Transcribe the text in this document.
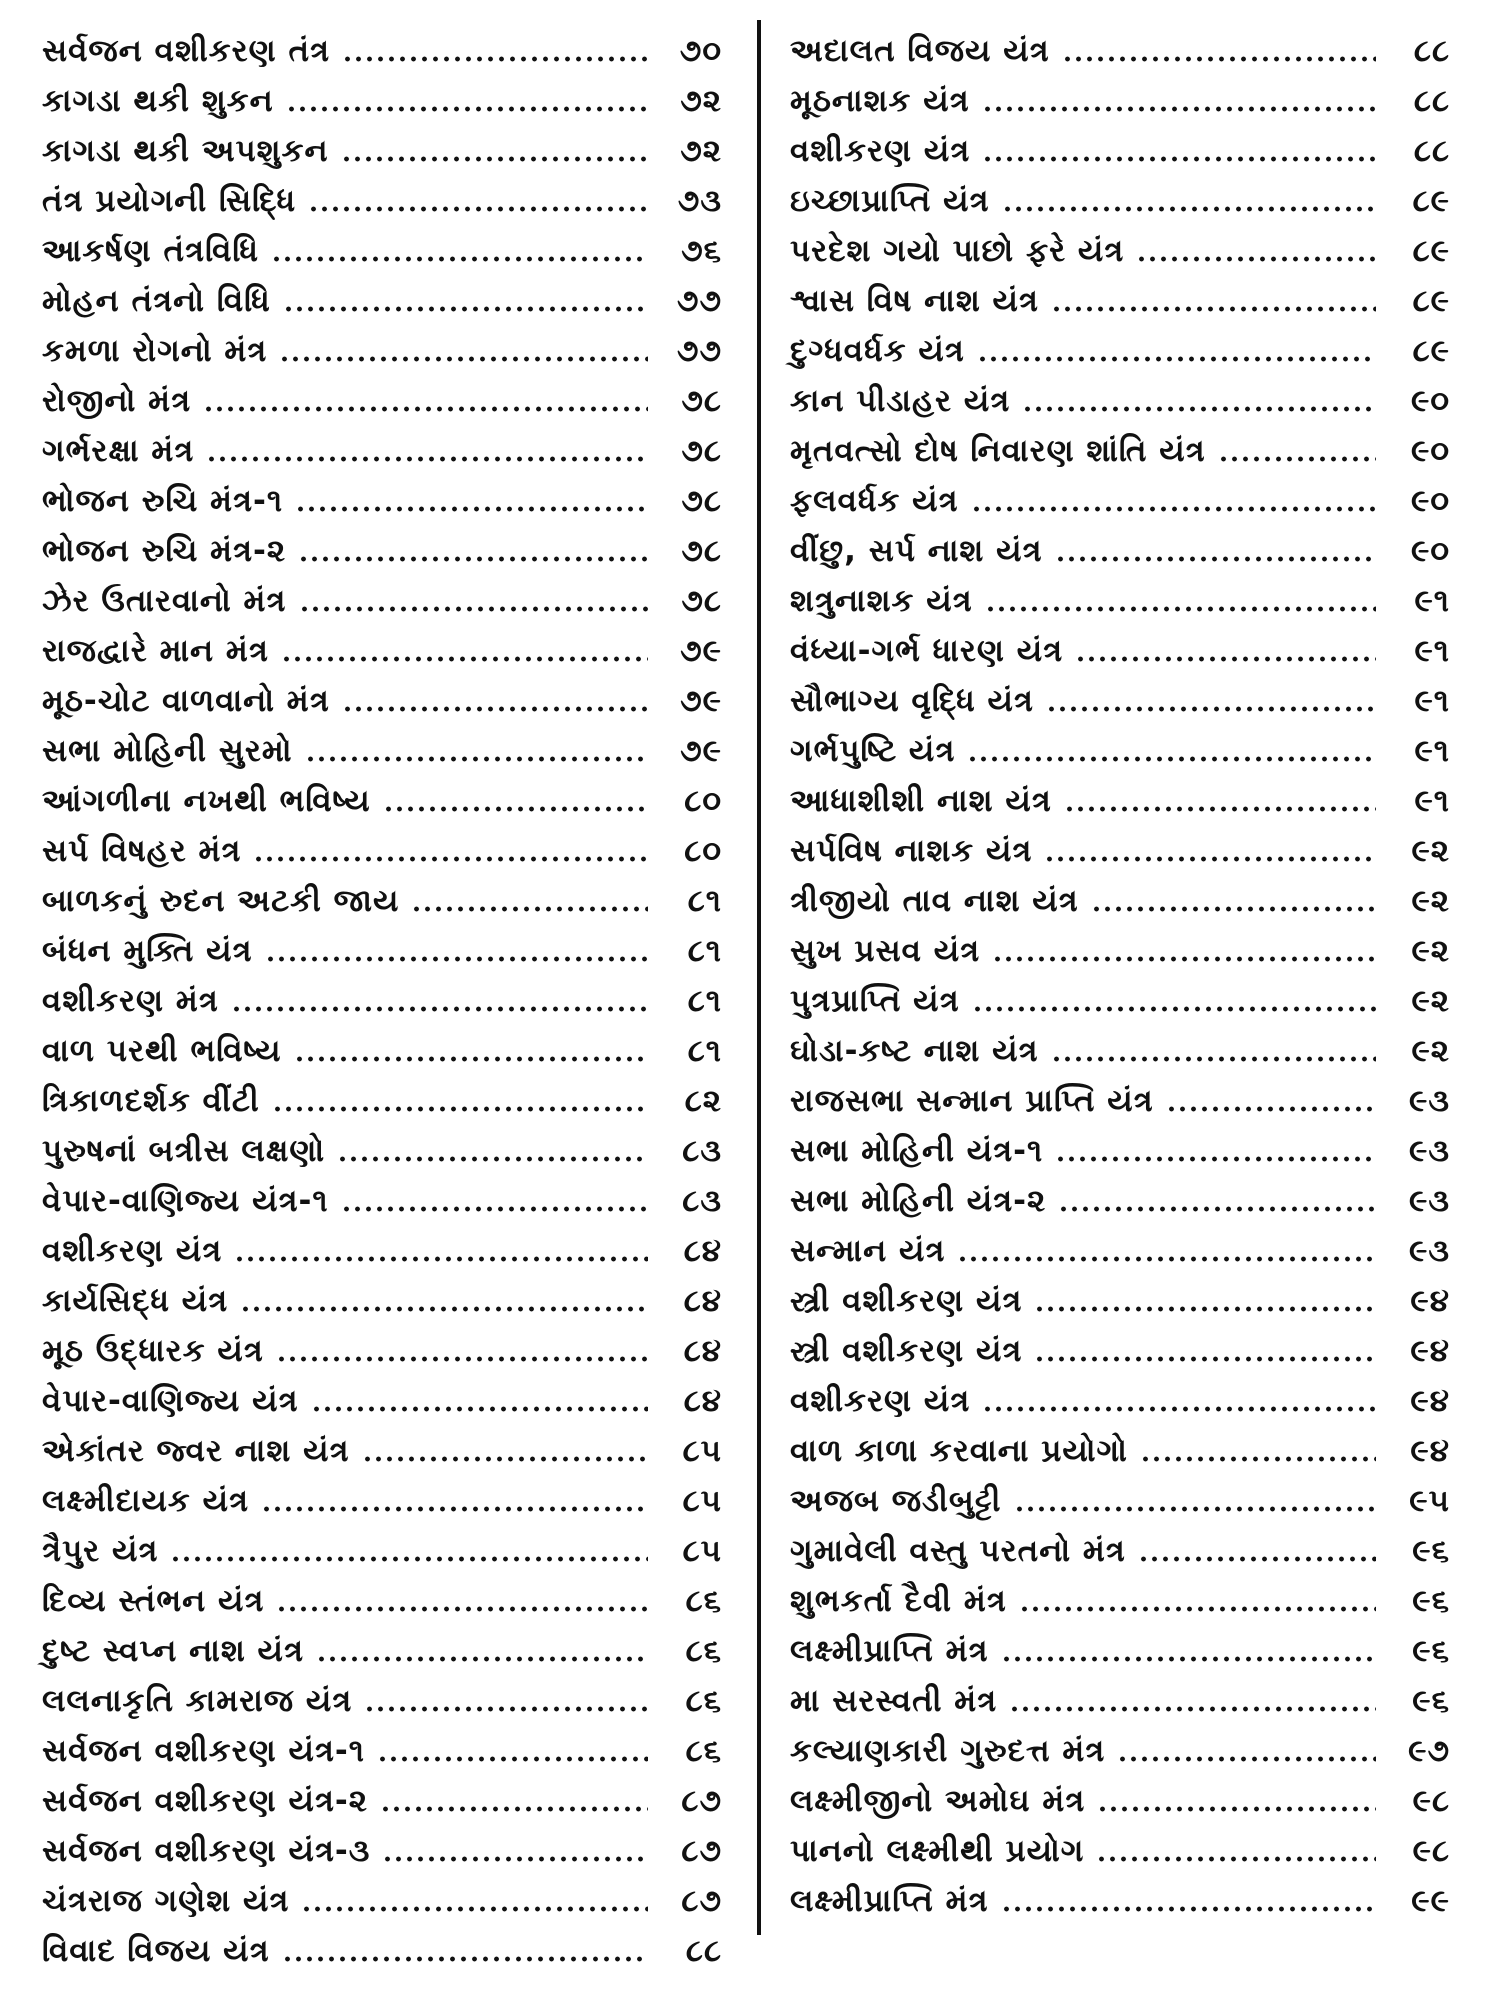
સર્વજન વશીકરણ તંત્ર	૭૦
કાગડા થકી શુકન	૭૨
કાગડા થકી અપશુકન	૭૨
તંત્ર પ્રયોગની સિદ્ધિ	૭૩
આકર્ષણ તંત્રવિધિ	૭૬
મોહન તંત્રનો વિધિ	૭૭
કમળા રોગનો મંત્ર	૭૭
રોજીનો મંત્ર	૭૮
ગર્ભરક્ષા મંત્ર	૭૮
ભોજન રુચિ મંત્ર-૧	૭૮
ભોજન રુચિ મંત્ર-૨	૭૮
ઝેર ઉતારવાનો મંત્ર	૭૮
રાજદ્વારે માન મંત્ર	૭૯
મૂઠ-ચોટ વાળવાનો મંત્ર	૭૯
સભા મોહિની સુરમો	૭૯
આંગળીના નખથી ભવિષ્ય	૮૦
સર્પ વિષહર મંત્ર	૮૦
બાળકનું રુદન અટકી જાય	૮૧
બંધન મુક્તિ યંત્ર	૮૧
વશીકરણ મંત્ર	૮૧
વાળ પરથી ભવિષ્ય	૮૧
ત્રિકાળદર્શક વીંટી	૮૨
પુરુષનાં બત્રીસ લક્ષણો	૮૩
વેપાર-વાણિજ્ય યંત્ર-૧	૮૩
વશીકરણ યંત્ર	૮૪
કાર્યસિદ્ધ યંત્ર	૮૪
મૂઠ ઉદ્ધારક યંત્ર	૮૪
વેપાર-વાણિજ્ય યંત્ર	૮૪
એકાંતર જ્વર નાશ યંત્ર	૮૫
લક્ષ્મીદાયક યંત્ર	૮૫
ત્રૈપુર યંત્ર	૮૫
દિવ્ય સ્તંભન યંત્ર	૮૬
દુષ્ટ સ્વપ્ન નાશ યંત્ર	૮૬
લલનાકૃતિ કામરાજ યંત્ર	૮૬
સર્વજન વશીકરણ યંત્ર-૧	૮૬
સર્વજન વશીકરણ યંત્ર-૨	૮૭
સર્વજન વશીકરણ યંત્ર-૩	૮૭
ચંત્રરાજ ગણેશ યંત્ર	૮૭
વિવાદ વિજય યંત્ર	૮૮
અદાલત વિજય યંત્ર	૮૮
મૂઠનાશક યંત્ર	૮૮
વશીકરણ યંત્ર	૮૮
ઇચ્છાપ્રાપ્તિ યંત્ર	૮૯
પરદેશ ગયો પાછો ફરે યંત્ર	૮૯
શ્વાસ વિષ નાશ યંત્ર	૮૯
દુગ્ધવર્ધક યંત્ર	૮૯
કાન પીડાહર યંત્ર	૯૦
મૃતવત્સો દોષ નિવારણ શાંતિ યંત્ર	૯૦
ફલવર્ધક યંત્ર	૯૦
વીંછુ, સર્પ નાશ યંત્ર	૯૦
શત્રુનાશક યંત્ર	૯૧
વંધ્યા-ગર્ભ ધારણ યંત્ર	૯૧
સૌભાગ્ય વૃદ્ધિ યંત્ર	૯૧
ગર્ભપુષ્ટિ યંત્ર	૯૧
આધાશીશી નાશ યંત્ર	૯૧
સર્પવિષ નાશક યંત્ર	૯૨
ત્રીજીયો તાવ નાશ યંત્ર	૯૨
સુખ પ્રસવ યંત્ર	૯૨
પુત્રપ્રાપ્તિ યંત્ર	૯૨
ઘોડા-કષ્ટ નાશ યંત્ર	૯૨
રાજસભા સન્માન પ્રાપ્તિ યંત્ર	૯૩
સભા મોહિની યંત્ર-૧	૯૩
સભા મોહિની યંત્ર-૨	૯૩
સન્માન યંત્ર	૯૩
સ્ત્રી વશીકરણ યંત્ર	૯૪
સ્ત્રી વશીકરણ યંત્ર	૯૪
વશીકરણ યંત્ર	૯૪
વાળ કાળા કરવાના પ્રયોગો	૯૪
અજબ જડીબુટ્ટી	૯૫
ગુમાવેલી વસ્તુ પરતનો મંત્ર	૯૬
શુભકર્તા દૈવી મંત્ર	૯૬
લક્ષ્મીપ્રાપ્તિ મંત્ર	૯૬
મા સરસ્વતી મંત્ર	૯૬
કલ્યાણકારી ગુરુદત્ત મંત્ર	૯૭
લક્ષ્મીજીનો અમોઘ મંત્ર	૯૮
પાનનો લક્ષ્મીથી પ્રયોગ	૯૮
લક્ષ્મીપ્રાપ્તિ મંત્ર	૯૯
